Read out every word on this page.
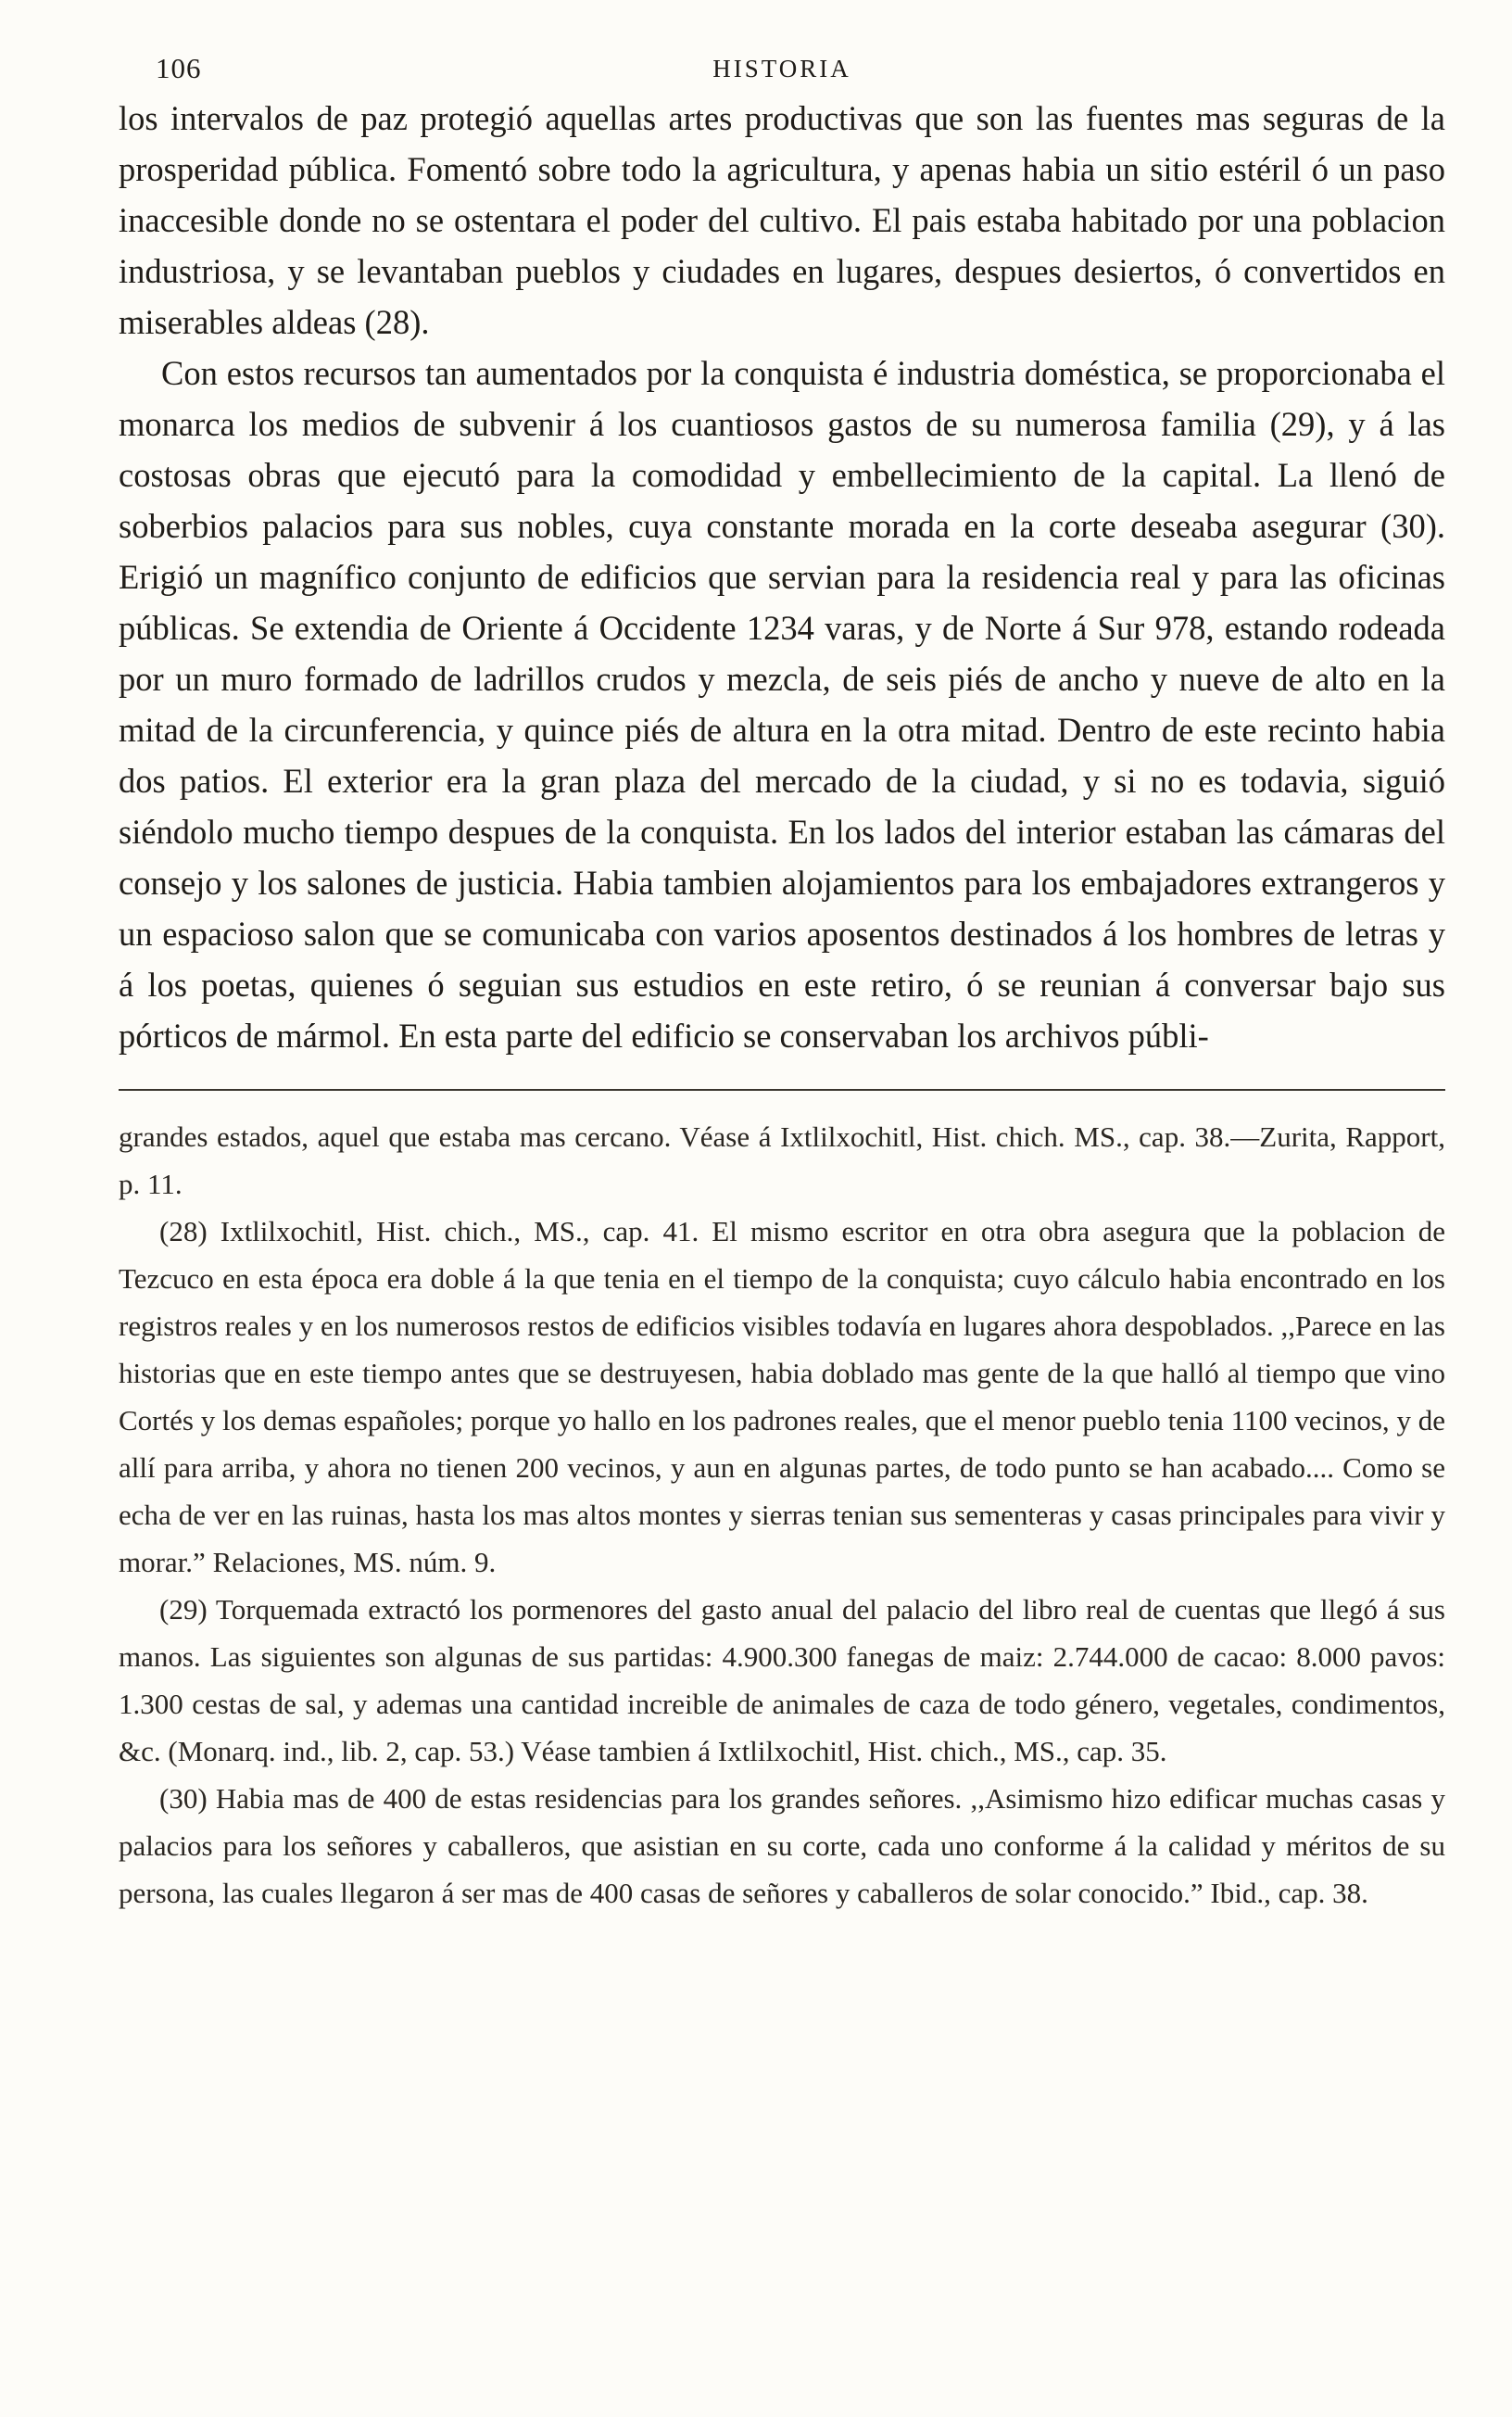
106	HISTORIA

los intervalos de paz protegió aquellas artes productivas que son las fuentes mas seguras de la prosperidad pública. Fomentó sobre todo la agricultura, y apenas habia un sitio estéril ó un paso inaccesible donde no se ostentara el poder del cultivo. El pais estaba habitado por una poblacion industriosa, y se levantaban pueblos y ciudades en lugares, despues desiertos, ó convertidos en miserables aldeas (28).

Con estos recursos tan aumentados por la conquista é industria doméstica, se proporcionaba el monarca los medios de subvenir á los cuantiosos gastos de su numerosa familia (29), y á las costosas obras que ejecutó para la comodidad y embellecimiento de la capital. La llenó de soberbios palacios para sus nobles, cuya constante morada en la corte deseaba asegurar (30). Erigió un magnífico conjunto de edificios que servian para la residencia real y para las oficinas públicas. Se extendia de Oriente á Occidente 1234 varas, y de Norte á Sur 978, estando rodeada por un muro formado de ladrillos crudos y mezcla, de seis piés de ancho y nueve de alto en la mitad de la circunferencia, y quince piés de altura en la otra mitad. Dentro de este recinto habia dos patios. El exterior era la gran plaza del mercado de la ciudad, y si no es todavia, siguió siéndolo mucho tiempo despues de la conquista. En los lados del interior estaban las cámaras del consejo y los salones de justicia. Habia tambien alojamientos para los embajadores extrangeros y un espacioso salon que se comunicaba con varios aposentos destinados á los hombres de letras y á los poetas, quienes ó seguian sus estudios en este retiro, ó se reunian á conversar bajo sus pórticos de mármol. En esta parte del edificio se conservaban los archivos públi-

grandes estados, aquel que estaba mas cercano. Véase á Ixtlilxochitl, Hist. chich. MS., cap. 38.—Zurita, Rapport, p. 11.

(28) Ixtlilxochitl, Hist. chich., MS., cap. 41. El mismo escritor en otra obra asegura que la poblacion de Tezcuco en esta época era doble á la que tenia en el tiempo de la conquista; cuyo cálculo habia encontrado en los registros reales y en los numerosos restos de edificios visibles todavía en lugares ahora despoblados. ,,Parece en las historias que en este tiempo antes que se destruyesen, habia doblado mas gente de la que halló al tiempo que vino Cortés y los demas españoles; porque yo hallo en los padrones reales, que el menor pueblo tenia 1100 vecinos, y de allí para arriba, y ahora no tienen 200 vecinos, y aun en algunas partes, de todo punto se han acabado.... Como se echa de ver en las ruinas, hasta los mas altos montes y sierras tenian sus sementeras y casas principales para vivir y morar.” Relaciones, MS. núm. 9.

(29) Torquemada extractó los pormenores del gasto anual del palacio del libro real de cuentas que llegó á sus manos. Las siguientes son algunas de sus partidas: 4.900.300 fanegas de maiz: 2.744.000 de cacao: 8.000 pavos: 1.300 cestas de sal, y ademas una cantidad increible de animales de caza de todo género, vegetales, condimentos, &c. (Monarq. ind., lib. 2, cap. 53.) Véase tambien á Ixtlilxochitl, Hist. chich., MS., cap. 35.

(30) Habia mas de 400 de estas residencias para los grandes señores. ,,Asimismo hizo edificar muchas casas y palacios para los señores y caballeros, que asistian en su corte, cada uno conforme á la calidad y méritos de su persona, las cuales llegaron á ser mas de 400 casas de señores y caballeros de solar conocido.” Ibid., cap. 38.
